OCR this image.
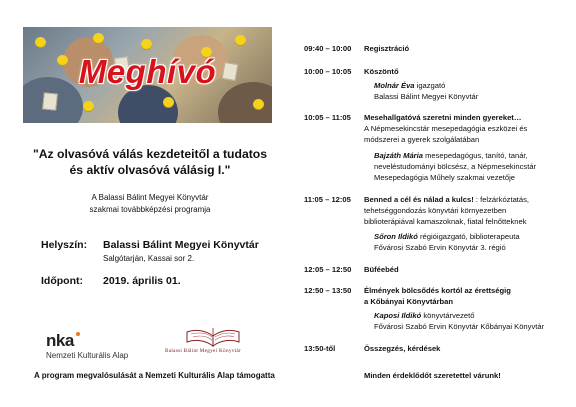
Meghívó
"Az olvasóvá válás kezdeteitől a tudatos
és aktív olvasóvá válásig I."
A Balassi Bálint Megyei Könyvtár
szakmai továbbképzési programja
Helyszín: Balassi Bálint Megyei Könyvtár
Salgótarján, Kassai sor 2.
Időpont: 2019. április 01.
nka
Nemzeti Kulturális Alap	Balassi Bálint Megyei Könyvtár
A program megvalósulását a Nemzeti Kulturális Alap támogatta
09:40 – 10:00 Regisztráció
10:00 – 10:05 Köszöntő
Molnár Éva igazgató
Balassi Bálint Megyei Könyvtár
10:05 – 11:05 Mesehallgatóvá szeretni minden gyereket…
A Népmesekincstár mesepedagógia eszközei és
módszerei a gyerek szolgálatában
Bajzáth Mária mesepedagógus, tanító, tanár,
neveléstudományi bölcsész, a Népmesekincstár
Mesepedagógia Műhely szakmai vezetője
11:05 – 12:05 Benned a cél és nálad a kulcs! : felzárkóztatás,
tehetséggondozás könyvtári környezetben
biblioterápiával kamaszoknak, fiatal felnőtteknek
Sőron Ildikó régióigazgató, biblioterapeuta
Fővárosi Szabó Ervin Könyvtár 3. régió
12:05 – 12:50 Büféebéd
12:50 – 13:50 Élmények bölcsődés kortól az érettségig
a Kőbányai Könyvtárban
Kaposi Ildikó könyvtárvezető
Fővárosi Szabó Ervin Könyvtár Kőbányai Könyvtár
13:50-től	Összegzés, kérdések
Minden érdeklődőt szeretettel várunk!
